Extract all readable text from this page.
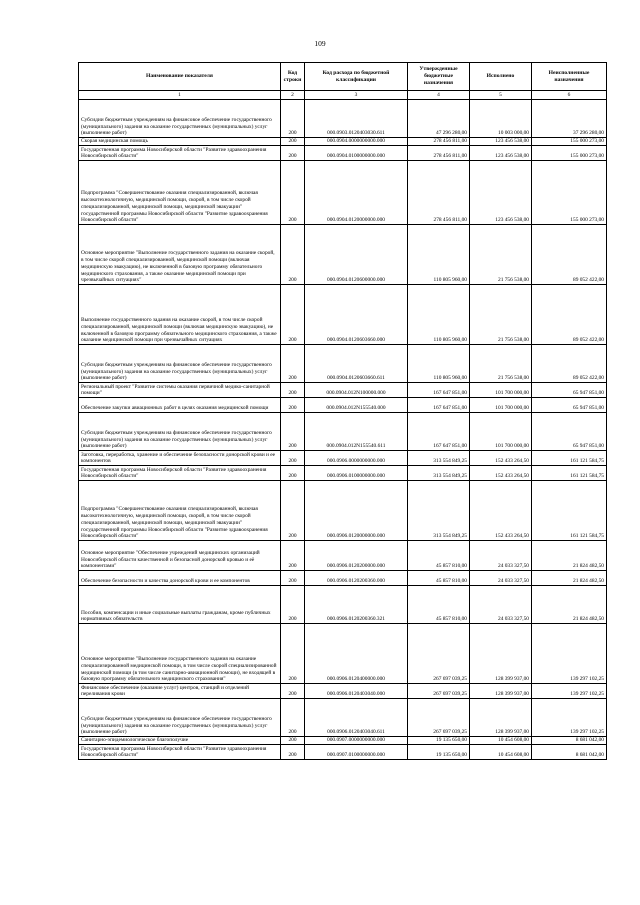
109
Наименование показателя	Код строки	Код расхода по бюджетной классификации	Утвержденные бюджетные назначения	Исполнено	Неисполненные назначения
1	2	3	4	5	6
Субсидии бюджетным учреждениям на финансовое обеспечение государственного (муниципального) задания на оказание государственных (муниципальных) услуг (выполнение работ)	200	000.0903.0120403030.611	47 296 280,00	10 003 000,00	37 296 280,00
Скорая медицинская помощь	200	000.0904.0000000000.000	278 456 811,00	123 456 538,00	155 000 273,00
Государственная программа Новосибирской области "Развитие здравоохранения Новосибирской области"	200	000.0904.0100000000.000	278 456 811,00	123 456 538,00	155 000 273,00
Подпрограмма "Совершенствование оказания специализированной, включая высокотехнологичную, медицинской помощи, скорой, в том числе скорой специализированной, медицинской помощи, медицинской эвакуации" государственной программы Новосибирской области "Развитие здравоохранения Новосибирской области"	200	000.0904.0120000000.000	278 456 811,00	123 456 538,00	155 000 273,00
Основное мероприятие "Выполнение государственного задания на оказание скорой, в том числе скорой специализированной, медицинской помощи (включая медицинскую эвакуацию), не включенной в базовую программу обязательного медицинского страхования, а также оказание медицинской помощи при чрезвычайных ситуациях"	200	000.0904.0120600000.000	110 805 960,00	21 756 538,00	89 052 422,00
Выполнение государственного задания на оказание скорой, в том числе скорой специализированной, медицинской помощи (включая медицинскую эвакуацию), не включенной в базовую программу обязательного медицинского страхования, а также оказание медицинской помощи при чрезвычайных ситуациях	200	000.0904.0120603660.000	110 805 960,00	21 756 538,00	89 052 422,00
Субсидии бюджетным учреждениям на финансовое обеспечение государственного (муниципального) задания на оказание государственных (муниципальных) услуг (выполнение работ)	200	000.0904.0120603660.611	110 805 960,00	21 756 538,00	89 052 422,00
Региональный проект "Развитие системы оказания первичной медико-санитарной помощи"	200	000.0904.012N100000.000	167 647 851,00	101 700 000,00	65 947 851,00
Обеспечение закупки авиационных работ в целях оказания медицинской помощи	200	000.0904.012N155540.000	167 647 851,00	101 700 000,00	65 947 851,00
Субсидии бюджетным учреждениям на финансовое обеспечение государственного (муниципального) задания на оказание государственных (муниципальных) услуг (выполнение работ)	200	000.0904.012N155540.611	167 647 851,00	101 700 000,00	65 947 851,00
Заготовка, переработка, хранение и обеспечение безопасности донорской крови и ее компонентов	200	000.0906.0000000000.000	313 554 849,25	152 433 264,50	161 121 584,75
Государственная программа Новосибирской области "Развитие здравоохранения Новосибирской области"	200	000.0906.0100000000.000	313 554 849,25	152 433 264,50	161 121 584,75
Подпрограмма "Совершенствование оказания специализированной, включая высокотехнологичную, медицинской помощи, скорой, в том числе скорой специализированной, медицинской помощи, медицинской эвакуации" государственной программы Новосибирской области "Развитие здравоохранения Новосибирской области"	200	000.0906.0120000000.000	313 554 849,25	152 433 264,50	161 121 584,75
Основное мероприятие "Обеспечение учреждений медицинских организаций Новосибирской области качественной и безопасной донорской кровью и её компонентами"	200	000.0906.0120200000.000	45 857 810,00	24 033 327,50	21 824 482,50
Обеспечение безопасности и качества донорской крови и ее компонентов	200	000.0906.0120200360.000	45 857 810,00	24 033 327,50	21 824 482,50
Пособия, компенсации и иные социальные выплаты гражданам, кроме публичных нормативных обязательств	200	000.0906.0120200360.321	45 857 810,00	24 033 327,50	21 824 482,50
Основное мероприятие "Выполнение государственного задания на оказание специализированной медицинской помощи, в том числе скорой специализированной медицинской помощи (в том числе санитарно-авиационной помощи), не входящей в базовую программу обязательного медицинского страхования"	200	000.0906.0120400000.000	267 697 039,25	128 399 937,00	139 297 102,25
Финансовое обеспечение (оказание услуг) центров, станций и отделений переливания крови	200	000.0906.0120403040.000	267 697 039,25	128 399 937,00	139 297 102,25
Субсидии бюджетным учреждениям на финансовое обеспечение государственного (муниципального) задания на оказание государственных (муниципальных) услуг (выполнение работ)	200	000.0906.0120403040.611	267 697 039,25	128 399 937,00	139 297 102,25
Санитарно-эпидемиологическое благополучие	200	000.0907.0000000000.000	19 135 650,00	10 454 608,00	8 681 042,00
Государственная программа Новосибирской области "Развитие здравоохранения Новосибирской области"	200	000.0907.0100000000.000	19 135 650,00	10 454 608,00	8 681 042,00
